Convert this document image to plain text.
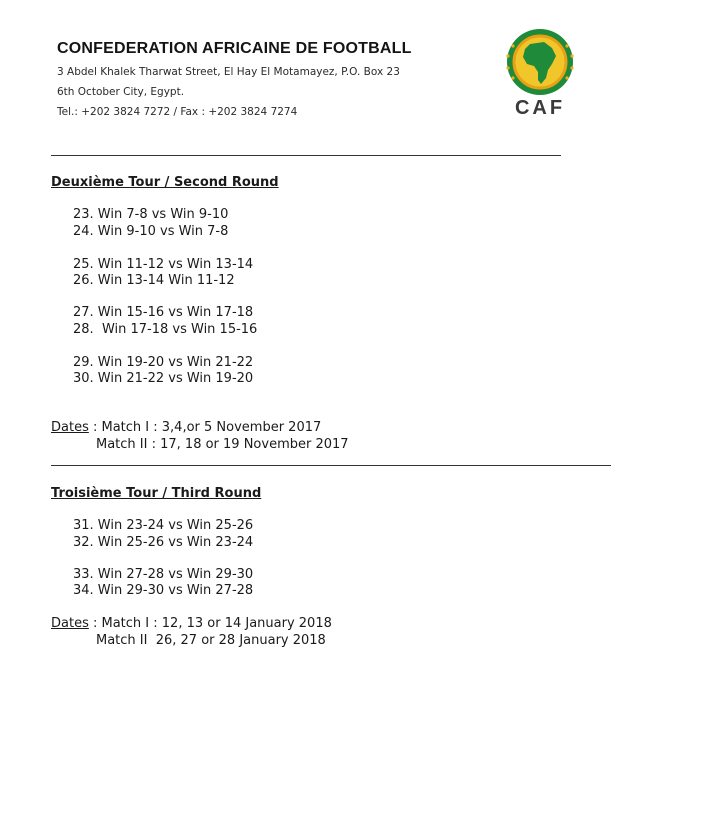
CONFEDERATION AFRICAINE DE FOOTBALL
3 Abdel Khalek Tharwat Street, El Hay El Motamayez, P.O. Box 23
6th October City, Egypt.
Tel.: +202 3824 7272 / Fax : +202 3824 7274	CAF
Deuxième Tour / Second Round
23. Win 7-8 vs Win 9-10
24. Win 9-10 vs Win 7-8
25. Win 11-12 vs Win 13-14
26. Win 13-14 Win 11-12
27. Win 15-16 vs Win 17-18
28.  Win 17-18 vs Win 15-16
29. Win 19-20 vs Win 21-22
30. Win 21-22 vs Win 19-20
Dates : Match I : 3,4,or 5 November 2017
Match II : 17, 18 or 19 November 2017
Troisième Tour / Third Round
31. Win 23-24 vs Win 25-26
32. Win 25-26 vs Win 23-24
33. Win 27-28 vs Win 29-30
34. Win 29-30 vs Win 27-28
Dates : Match I : 12, 13 or 14 January 2018
Match II  26, 27 or 28 January 2018
